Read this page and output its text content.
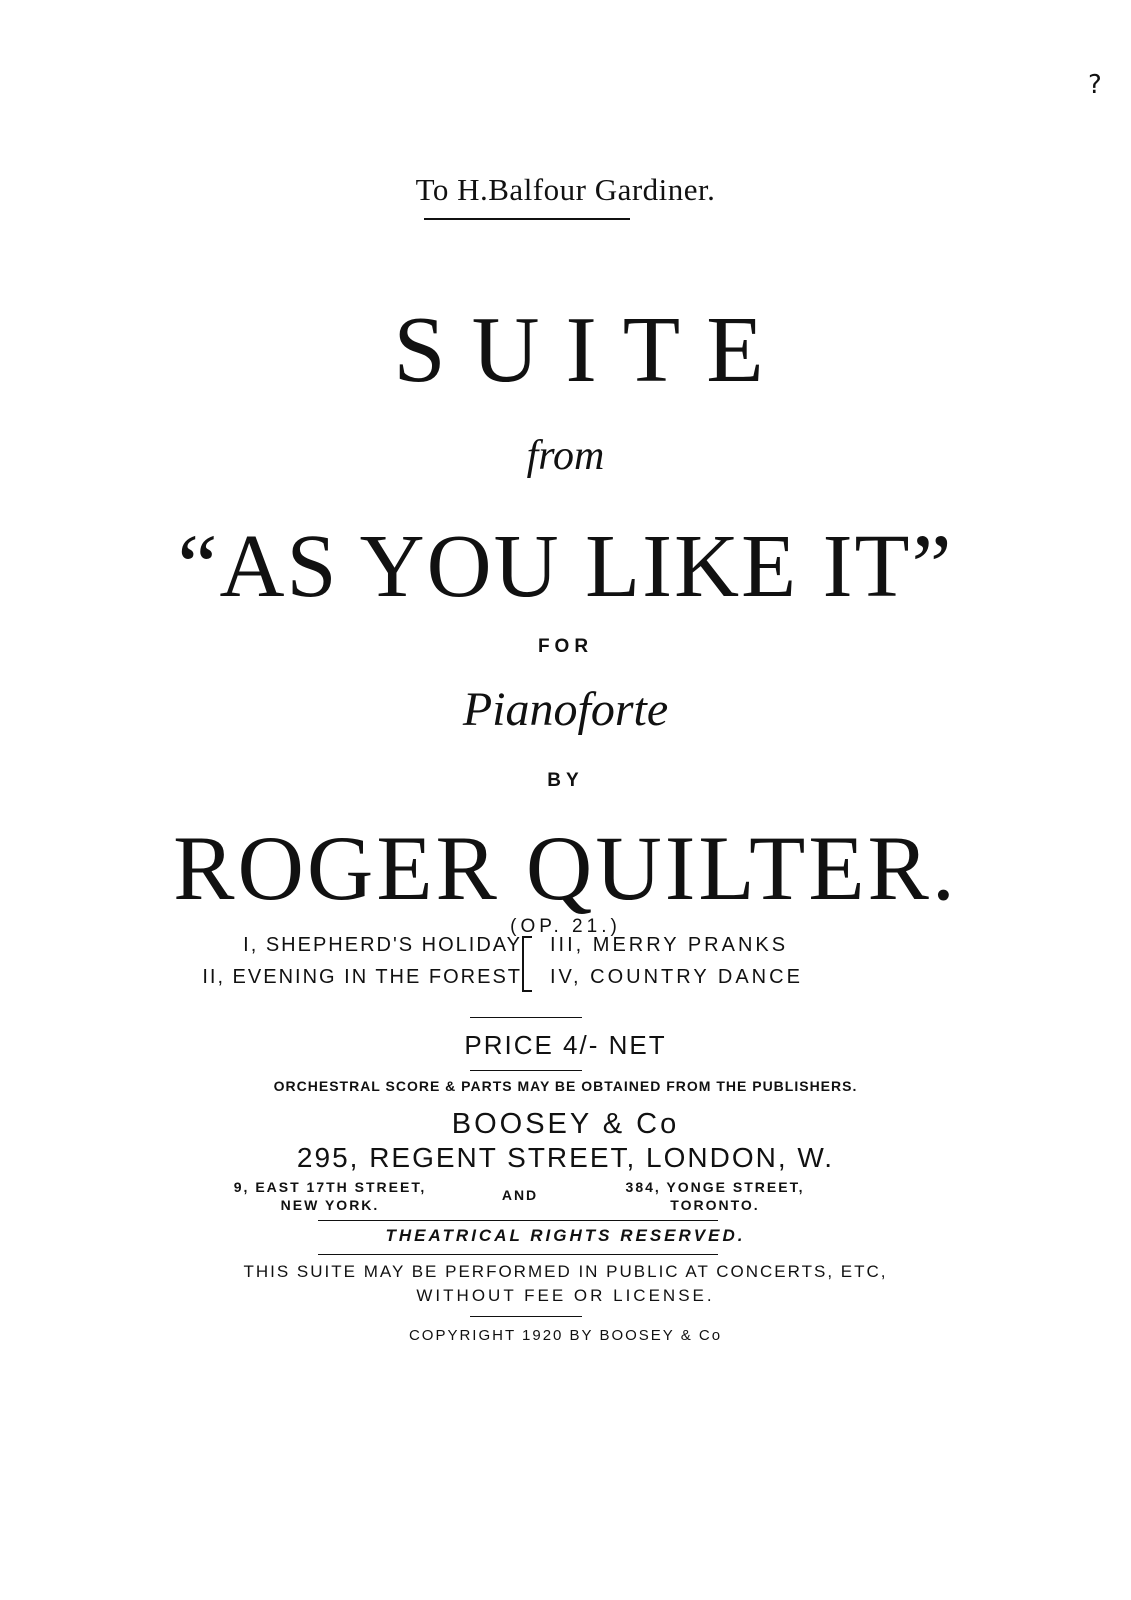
?
To H.Balfour Gardiner.
SUITE
from
“AS YOU LIKE IT”
FOR
Pianoforte
BY
ROGER QUILTER.
(OP. 21.)
I, SHEPHERD'S HOLIDAY
II, EVENING IN THE FOREST
III, MERRY PRANKS
IV, COUNTRY DANCE
PRICE 4/- NET
ORCHESTRAL SCORE & PARTS MAY BE OBTAINED FROM THE PUBLISHERS.
BOOSEY & Co
295, REGENT STREET, LONDON, W.
9, EAST 17TH STREET,
NEW YORK.
AND	384, YONGE STREET,
TORONTO.
THEATRICAL RIGHTS RESERVED.
THIS SUITE MAY BE PERFORMED IN PUBLIC AT CONCERTS, ETC,
WITHOUT FEE OR LICENSE.
COPYRIGHT 1920 BY BOOSEY & Co
